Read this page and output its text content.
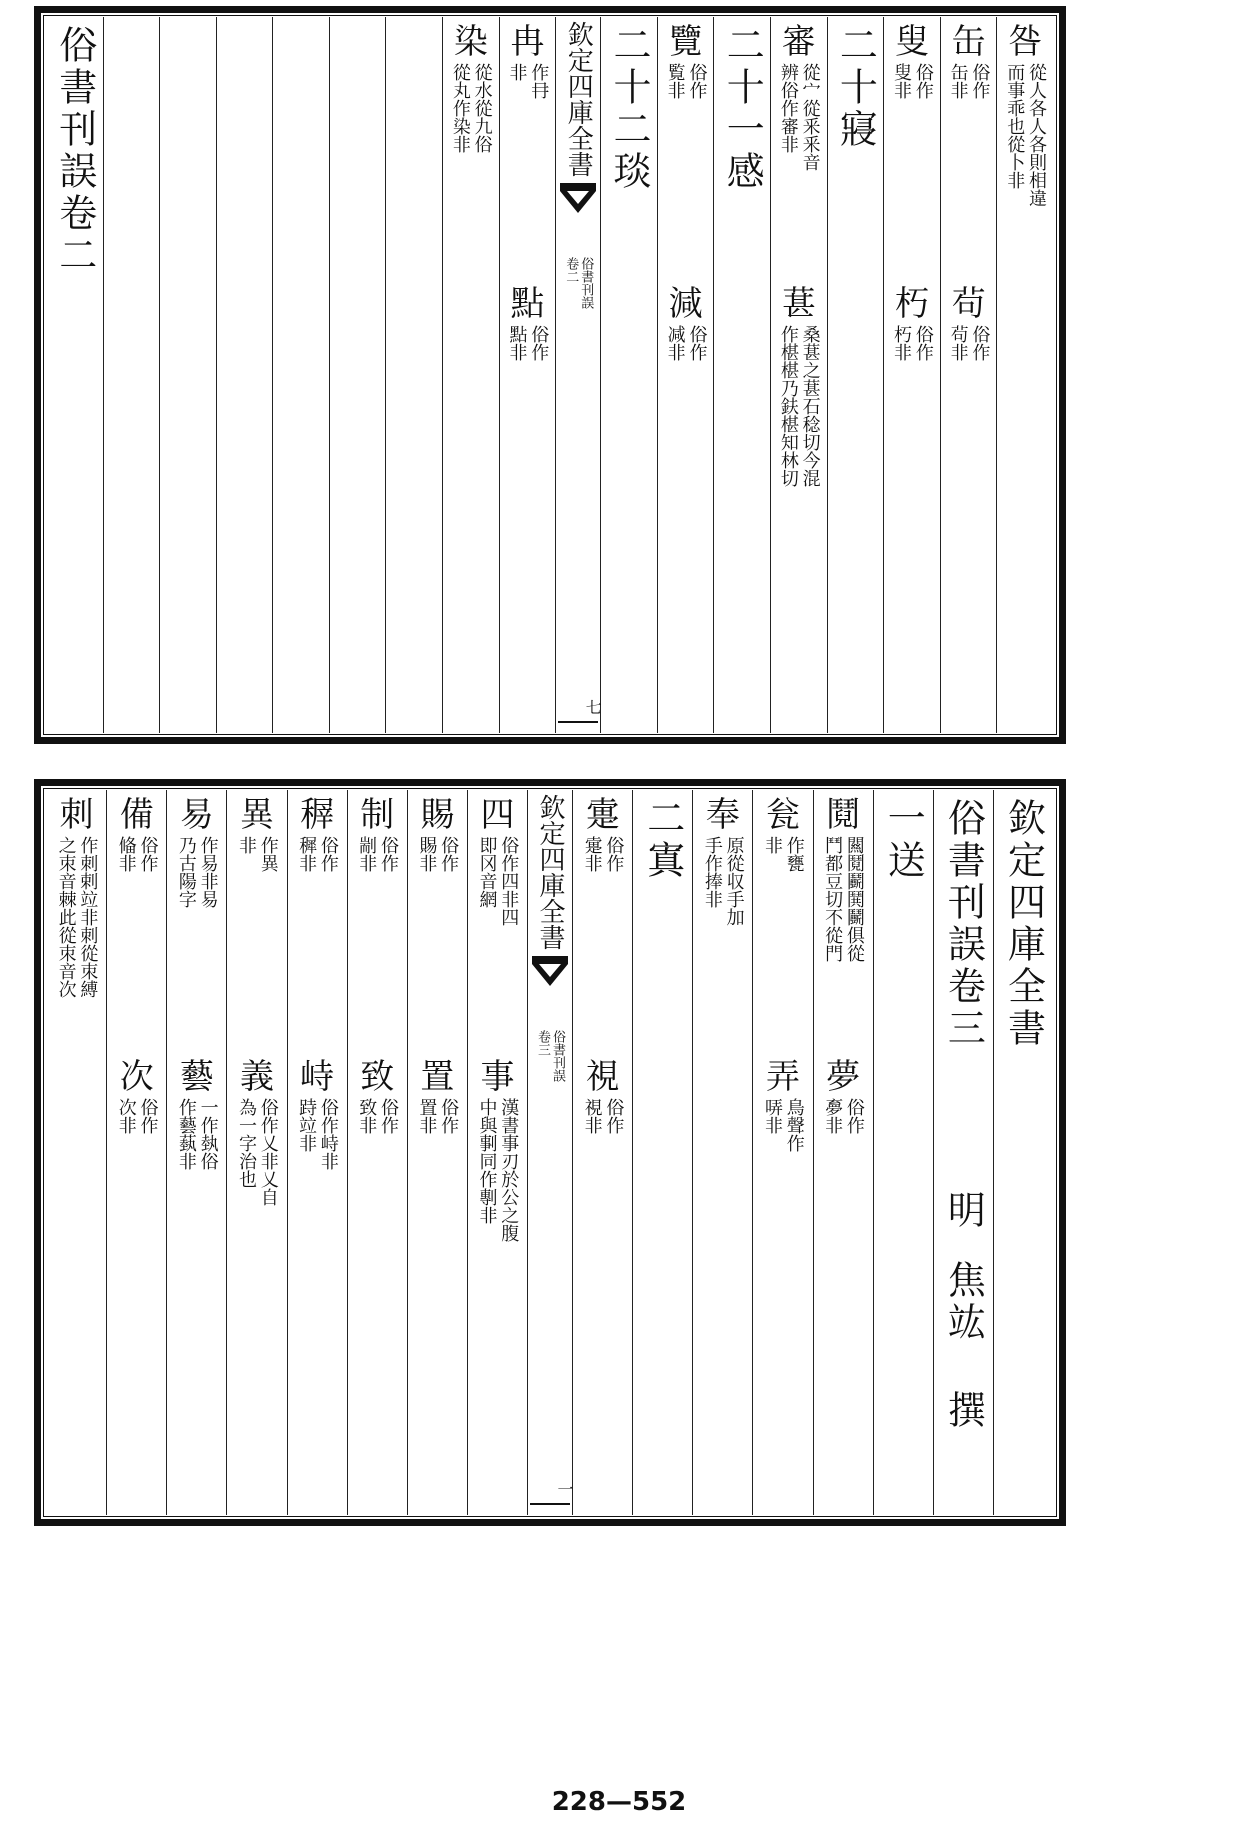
咎
從人各人各則相違
而事乖也從卜非
缶
俗作
缶非
茍
俗作
茍非
叟
俗作
叟非
朽
俗作
朽非
二十寢
審
從宀從釆釆音
辨俗作審非
葚
桑葚之葚石稔切今混
作椹椹乃鈇椹知林切
二十一感
覽
俗作
覧非
減
俗作
减非
二十二琰
欽定四庫全書
俗書刊誤
卷二
七
冉
作冄
非
點
俗作
點非
染
從水從九俗
從丸作染非
俗書刊誤卷二
欽定四庫全書
俗書刊誤卷三
明
焦竑
撰
一送
鬩
闗鬩鬬鬨鬭俱從
鬥都豆切不從門
夢
俗作
夣非
瓮
作甕
非
弄
鳥聲作
哢非
奉
原從収手加
手作捧非
二寘
疐
俗作
疐非
視
俗作
視非
欽定四庫全書
俗書刊誤
卷三
一
四
俗作四非四
即冈音網
事
漢書事刃於公之腹
中與剚同作剸非
賜
俗作
賜非
置
俗作
置非
制
俗作
剬非
致
俗作
致非
稺
俗作
穉非
峙
俗作峙非
跱竝非
異
作異
非
義
俗作乂非乂自
為一字治也
易
作易非易
乃古陽字
藝
一作埶俗
作藝蓺非
備
俗作
偹非
次
俗作
次非
刺
作刺剌竝非刺從朿縛
之朿音棘此從朿音次
228—552
